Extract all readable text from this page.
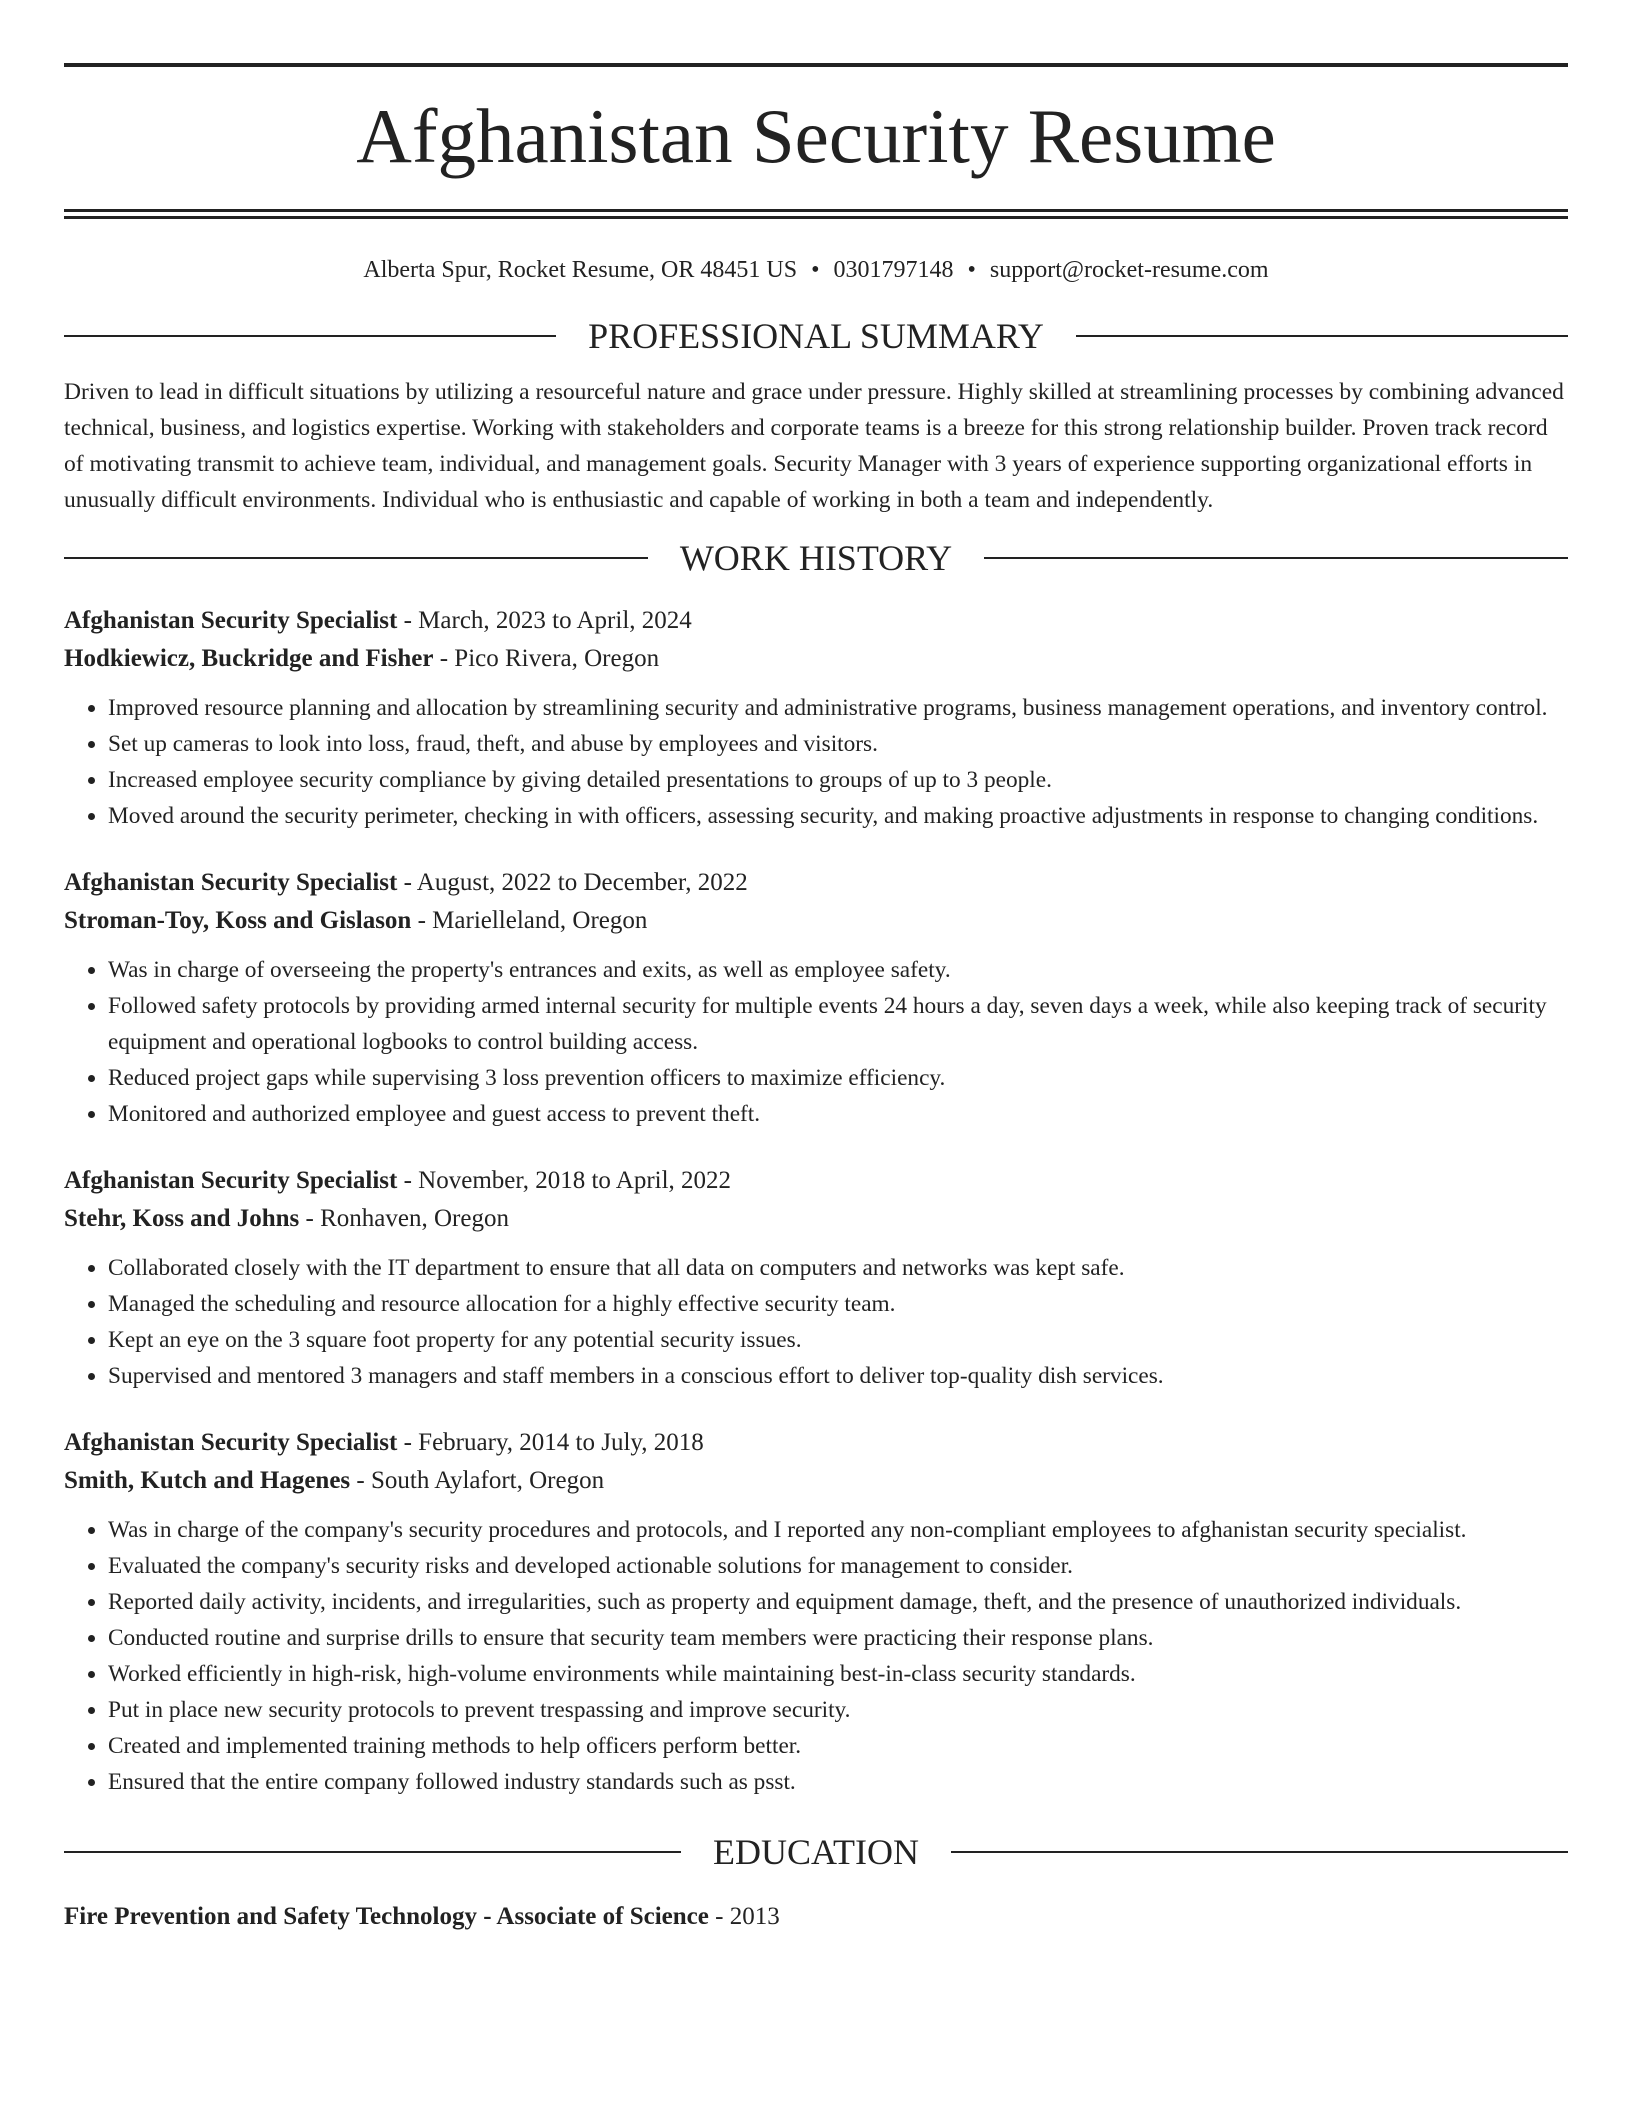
Afghanistan Security Resume
Alberta Spur, Rocket Resume, OR 48451 US • 0301797148 • support@rocket-resume.com
PROFESSIONAL SUMMARY
Driven to lead in difficult situations by utilizing a resourceful nature and grace under pressure. Highly skilled at streamlining processes by combining advanced technical, business, and logistics expertise. Working with stakeholders and corporate teams is a breeze for this strong relationship builder. Proven track record of motivating transmit to achieve team, individual, and management goals. Security Manager with 3 years of experience supporting organizational efforts in unusually difficult environments. Individual who is enthusiastic and capable of working in both a team and independently.
WORK HISTORY
Afghanistan Security Specialist - March, 2023 to April, 2024
Hodkiewicz, Buckridge and Fisher - Pico Rivera, Oregon
• Improved resource planning and allocation by streamlining security and administrative programs, business management operations, and inventory control.
• Set up cameras to look into loss, fraud, theft, and abuse by employees and visitors.
• Increased employee security compliance by giving detailed presentations to groups of up to 3 people.
• Moved around the security perimeter, checking in with officers, assessing security, and making proactive adjustments in response to changing conditions.
Afghanistan Security Specialist - August, 2022 to December, 2022
Stroman-Toy, Koss and Gislason - Marielleland, Oregon
• Was in charge of overseeing the property's entrances and exits, as well as employee safety.
• Followed safety protocols by providing armed internal security for multiple events 24 hours a day, seven days a week, while also keeping track of security equipment and operational logbooks to control building access.
• Reduced project gaps while supervising 3 loss prevention officers to maximize efficiency.
• Monitored and authorized employee and guest access to prevent theft.
Afghanistan Security Specialist - November, 2018 to April, 2022
Stehr, Koss and Johns - Ronhaven, Oregon
• Collaborated closely with the IT department to ensure that all data on computers and networks was kept safe.
• Managed the scheduling and resource allocation for a highly effective security team.
• Kept an eye on the 3 square foot property for any potential security issues.
• Supervised and mentored 3 managers and staff members in a conscious effort to deliver top-quality dish services.
Afghanistan Security Specialist - February, 2014 to July, 2018
Smith, Kutch and Hagenes - South Aylafort, Oregon
• Was in charge of the company's security procedures and protocols, and I reported any non-compliant employees to afghanistan security specialist.
• Evaluated the company's security risks and developed actionable solutions for management to consider.
• Reported daily activity, incidents, and irregularities, such as property and equipment damage, theft, and the presence of unauthorized individuals.
• Conducted routine and surprise drills to ensure that security team members were practicing their response plans.
• Worked efficiently in high-risk, high-volume environments while maintaining best-in-class security standards.
• Put in place new security protocols to prevent trespassing and improve security.
• Created and implemented training methods to help officers perform better.
• Ensured that the entire company followed industry standards such as psst.
EDUCATION
Fire Prevention and Safety Technology - Associate of Science - 2013
